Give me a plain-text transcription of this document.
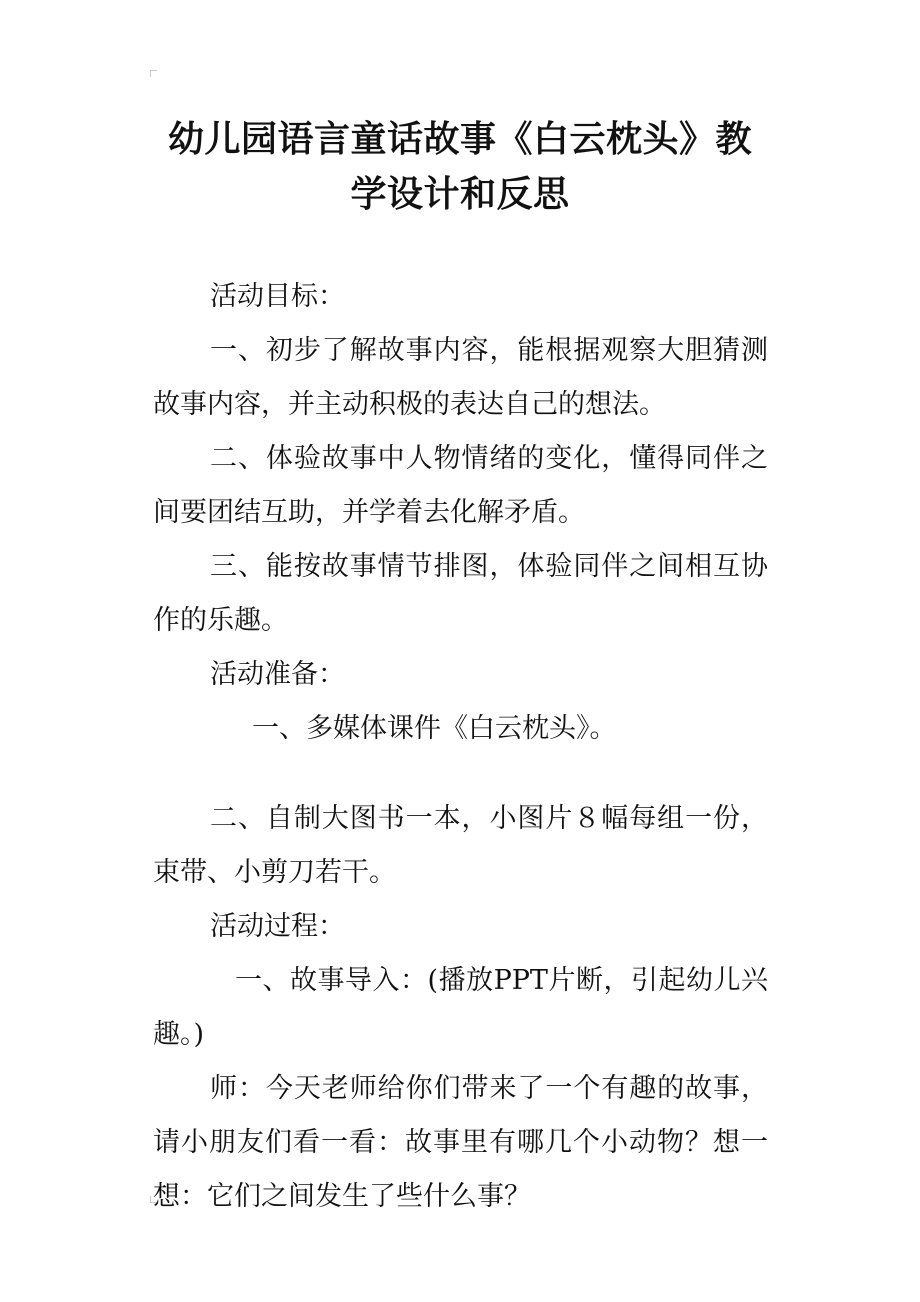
幼儿园语言童话故事《白云枕头》教学设计和反思

活动目标：

一、初步了解故事内容，能根据观察大胆猜测故事内容，并主动积极的表达自己的想法。

二、体验故事中人物情绪的变化，懂得同伴之间要团结互助，并学着去化解矛盾。

三、能按故事情节排图，体验同伴之间相互协作的乐趣。

活动准备：

一、多媒体课件《白云枕头》。

二、自制大图书一本，小图片８幅每组一份，束带、小剪刀若干。

活动过程：

一、故事导入：(播放PPT片断，引起幼儿兴趣。)

师：今天老师给你们带来了一个有趣的故事，请小朋友们看一看：故事里有哪几个小动物？想一想：它们之间发生了些什么事？
